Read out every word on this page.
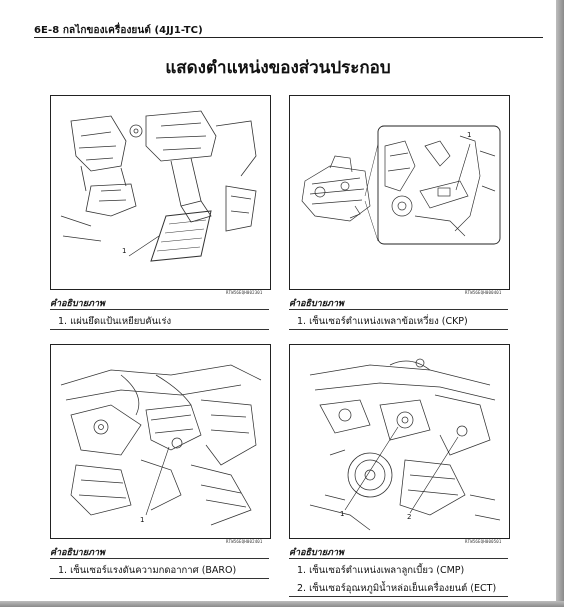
6E-8 กลไกของเครื่องยนต์ (4JJ1-TC)
แสดงตำแหน่งของส่วนประกอบ
1
RTW56EQH002301
คำอธิบายภาพ
1. แผ่นยึดแป้นเหยียบคันเร่ง
1
RTW56EQH000401
คำอธิบายภาพ
1. เซ็นเซอร์ตำแหน่งเพลาข้อเหวี่ยง (CKP)
1
RTW56EQH002401
คำอธิบายภาพ
1. เซ็นเซอร์แรงดันความกดอากาศ (BARO)
1	2
RTW56EQH000501
คำอธิบายภาพ
1. เซ็นเซอร์ตำแหน่งเพลาลูกเบี้ยว (CMP)
2. เซ็นเซอร์อุณหภูมิน้ำหล่อเย็นเครื่องยนต์ (ECT)
